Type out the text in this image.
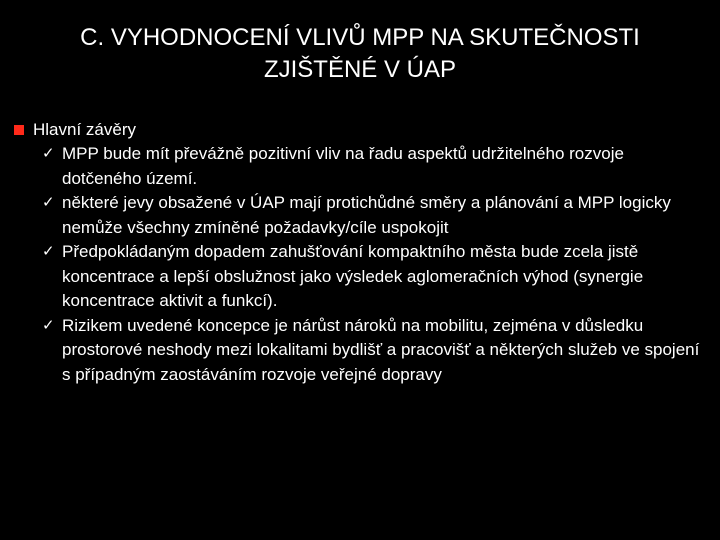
C. VYHODNOCENÍ VLIVŮ MPP NA SKUTEČNOSTI
ZJIŠTĚNÉ V ÚAP
Hlavní závěry
✓ MPP bude mít převážně pozitivní vliv na řadu aspektů udržitelného rozvoje dotčeného území.
✓ některé jevy obsažené v ÚAP mají protichůdné směry a plánování a MPP logicky nemůže všechny zmíněné požadavky/cíle uspokojit
✓ Předpokládaným dopadem zahušťování kompaktního města bude zcela jistě koncentrace a lepší obslužnost jako výsledek aglomeračních výhod (synergie koncentrace aktivit a funkcí).
✓ Rizikem uvedené koncepce je nárůst nároků na mobilitu, zejména v důsledku prostorové neshody mezi lokalitami bydlišť a pracovišť a některých služeb ve spojení s případným zaostáváním rozvoje veřejné dopravy
